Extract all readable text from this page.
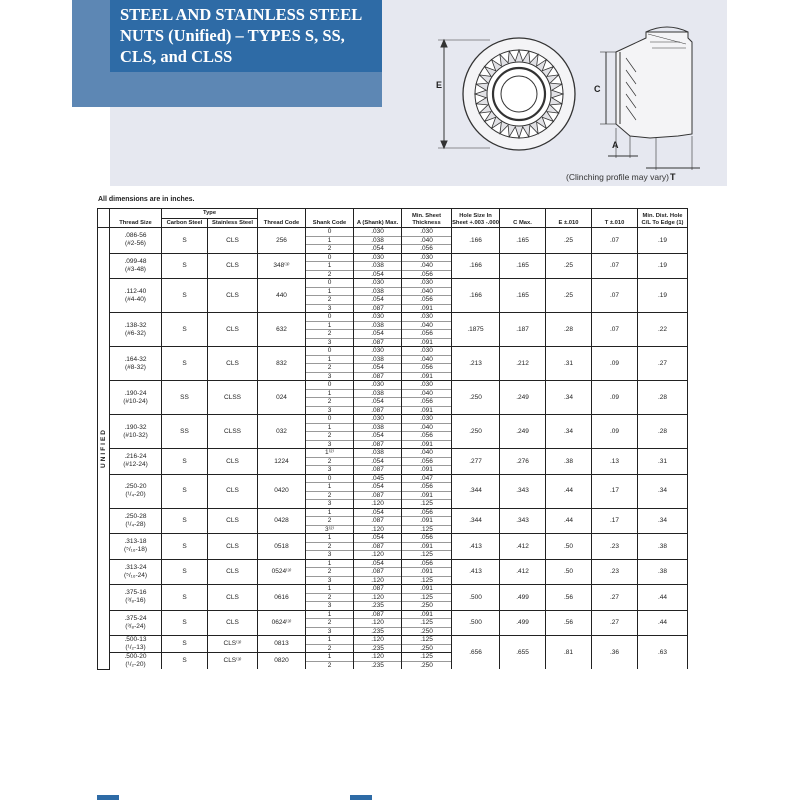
STEEL AND STAINLESS STEEL
NUTS (Unified) – TYPES S, SS,
CLS, and CLSS
E	C
A
T
(Clinching profile may vary)
All dimensions are in inches.
	Thread Size	Type		Thread Code	Shank Code	A (Shank) Max.	Min. Sheet Thickness	Hole Size In Sheet +.003 -.000	C Max.	E ±.010	T ±.010	Min. Dist. Hole C/L To Edge (1)
		Carbon Steel	Stainless Steel									

UNIFIED	.086-56
(#2-56)	S	CLS	256	0	.030	.030	.166	.165	.25	.07	.19
					1	.038	.040					
					2	.054	.056					

	.099-48
(#3-48)	S	CLS	348⁽³⁾	0	.030	.030	.166	.165	.25	.07	.19
					1	.038	.040					
					2	.054	.056					

	.112-40
(#4-40)	S	CLS	440	0	.030	.030	.166	.165	.25	.07	.19
					1	.038	.040					
					2	.054	.056					
					3	.087	.091					

	.138-32
(#6-32)	S	CLS	632	0	.030	.030	.1875	.187	.28	.07	.22
					1	.038	.040					
					2	.054	.056					
					3	.087	.091					

	.164-32
(#8-32)	S	CLS	832	0	.030	.030	.213	.212	.31	.09	.27
					1	.038	.040					
					2	.054	.056					
					3	.087	.091					

	.190-24
(#10-24)	SS	CLSS	024	0	.030	.030	.250	.249	.34	.09	.28
					1	.038	.040					
					2	.054	.056					
					3	.087	.091					

	.190-32
(#10-32)	SS	CLSS	032	0	.030	.030	.250	.249	.34	.09	.28
					1	.038	.040					
					2	.054	.056					
					3	.087	.091					

	.216-24
(#12-24)	S	CLS	1224	1⁽²⁾	.038	.040	.277	.276	.38	.13	.31
					2	.054	.056					
					3	.087	.091					

	.250-20
(¹/₄-20)	S	CLS	0420	0	.045	.047	.344	.343	.44	.17	.34
					1	.054	.056					
					2	.087	.091					
					3	.120	.125					

	.250-28
(¹/₄-28)	S	CLS	0428	1	.054	.056	.344	.343	.44	.17	.34
					2	.087	.091					
					3⁽²⁾	.120	.125					

	.313-18
(⁵/₁₆-18)	S	CLS	0518	1	.054	.056	.413	.412	.50	.23	.38
					2	.087	.091					
					3	.120	.125					

	.313-24
(⁵/₁₆-24)	S	CLS	0524⁽³⁾	1	.054	.056	.413	.412	.50	.23	.38
					2	.087	.091					
					3	.120	.125					

	.375-16
(³/₈-16)	S	CLS	0616	1	.087	.091	.500	.499	.56	.27	.44
					2	.120	.125					
					3	.235	.250					

	.375-24
(³/₈-24)	S	CLS	0624⁽³⁾	1	.087	.091	.500	.499	.56	.27	.44
					2	.120	.125					
					3	.235	.250					

	.500-13
(¹/₂-13)	S	CLS⁽³⁾	0813	1	.120	.125	.656	.655	.81	.36	.63
					2	.235	.250					

	.500-20
(¹/₂-20)	S	CLS⁽³⁾	0820	1	.120	.125					
					2	.235	.250					
